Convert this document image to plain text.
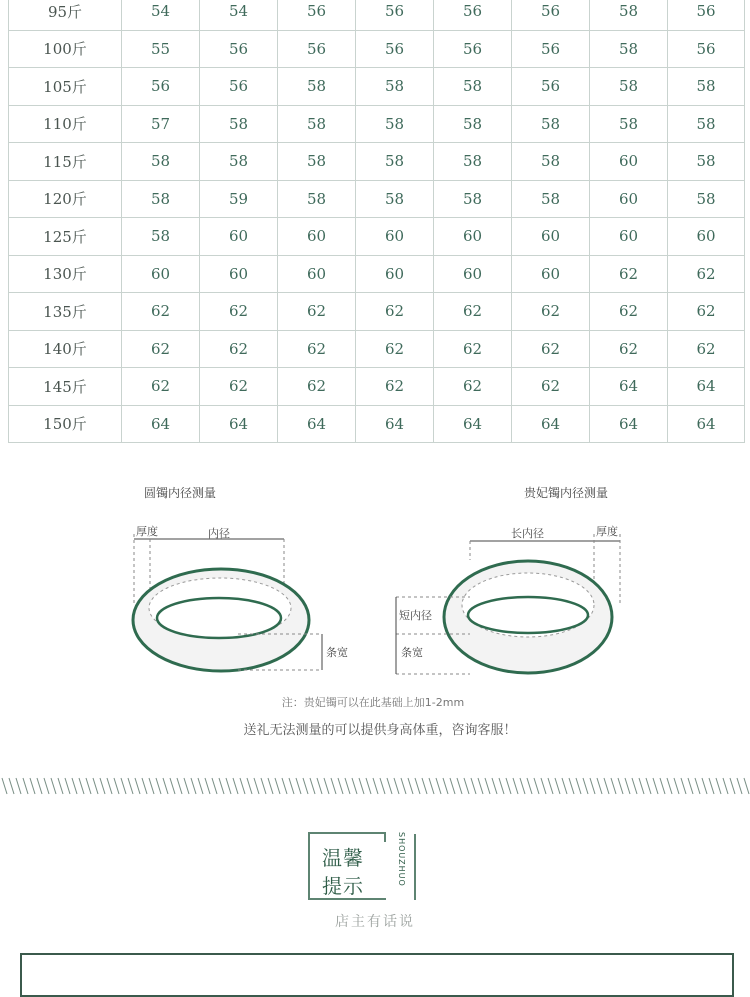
95斤	54	54	56	56	56	56	58	56
100斤	55	56	56	56	56	56	58	56
105斤	56	56	58	58	58	56	58	58
110斤	57	58	58	58	58	58	58	58
115斤	58	58	58	58	58	58	60	58
120斤	58	59	58	58	58	58	60	58
125斤	58	60	60	60	60	60	60	60
130斤	60	60	60	60	60	60	62	62
135斤	62	62	62	62	62	62	62	62
140斤	62	62	62	62	62	62	62	62
145斤	62	62	62	62	62	62	64	64
150斤	64	64	64	64	64	64	64	64
圆镯内径测量
厚度	内径
条宽
贵妃镯内径测量
长内径	厚度
短内径
条宽
注：贵妃镯可以在此基础上加1-2mm
送礼无法测量的可以提供身高体重，咨询客服！
温馨
提示	SHOUZHUO
店主有话说
